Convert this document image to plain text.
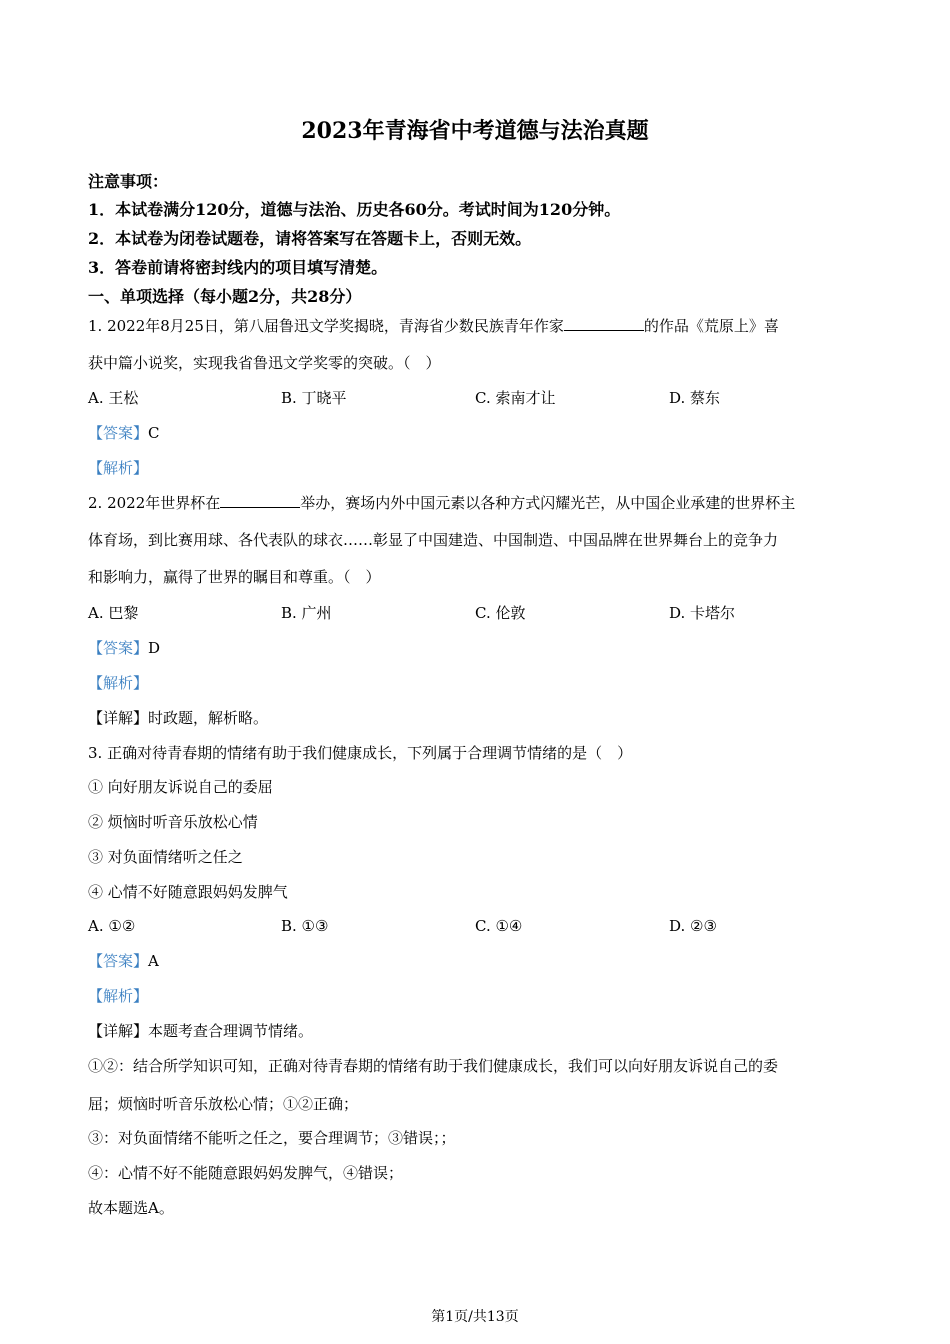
2023年青海省中考道德与法治真题
注意事项：
1．本试卷满分120分，道德与法治、历史各60分。考试时间为120分钟。
2．本试卷为闭卷试题卷，请将答案写在答题卡上，否则无效。
3．答卷前请将密封线内的项目填写清楚。
一、单项选择（每小题2分，共28分）
1. 2022年8月25日，第八届鲁迅文学奖揭晓，青海省少数民族青年作家	的作品《荒原上》喜
获中篇小说奖，实现我省鲁迅文学奖零的突破。（　）
A. 王松	B. 丁晓平	C. 索南才让	D. 蔡东
【答案】C
【解析】
2. 2022年世界杯在	举办，赛场内外中国元素以各种方式闪耀光芒，从中国企业承建的世界杯主
体育场，到比赛用球、各代表队的球衣……彰显了中国建造、中国制造、中国品牌在世界舞台上的竞争力
和影响力，赢得了世界的瞩目和尊重。（　）
A. 巴黎	B. 广州	C. 伦敦	D. 卡塔尔
【答案】D
【解析】
【详解】时政题，解析略。
3. 正确对待青春期的情绪有助于我们健康成长，下列属于合理调节情绪的是（　）
① 向好朋友诉说自己的委屈
② 烦恼时听音乐放松心情
③ 对负面情绪听之任之
④ 心情不好随意跟妈妈发脾气
A. ①②	B. ①③	C. ①④	D. ②③
【答案】A
【解析】
【详解】本题考查合理调节情绪。
①②：结合所学知识可知，正确对待青春期的情绪有助于我们健康成长，我们可以向好朋友诉说自己的委
屈；烦恼时听音乐放松心情；①②正确；
③：对负面情绪不能听之任之，要合理调节；③错误；；
④：心情不好不能随意跟妈妈发脾气，④错误；
故本题选A。
第1页/共13页
